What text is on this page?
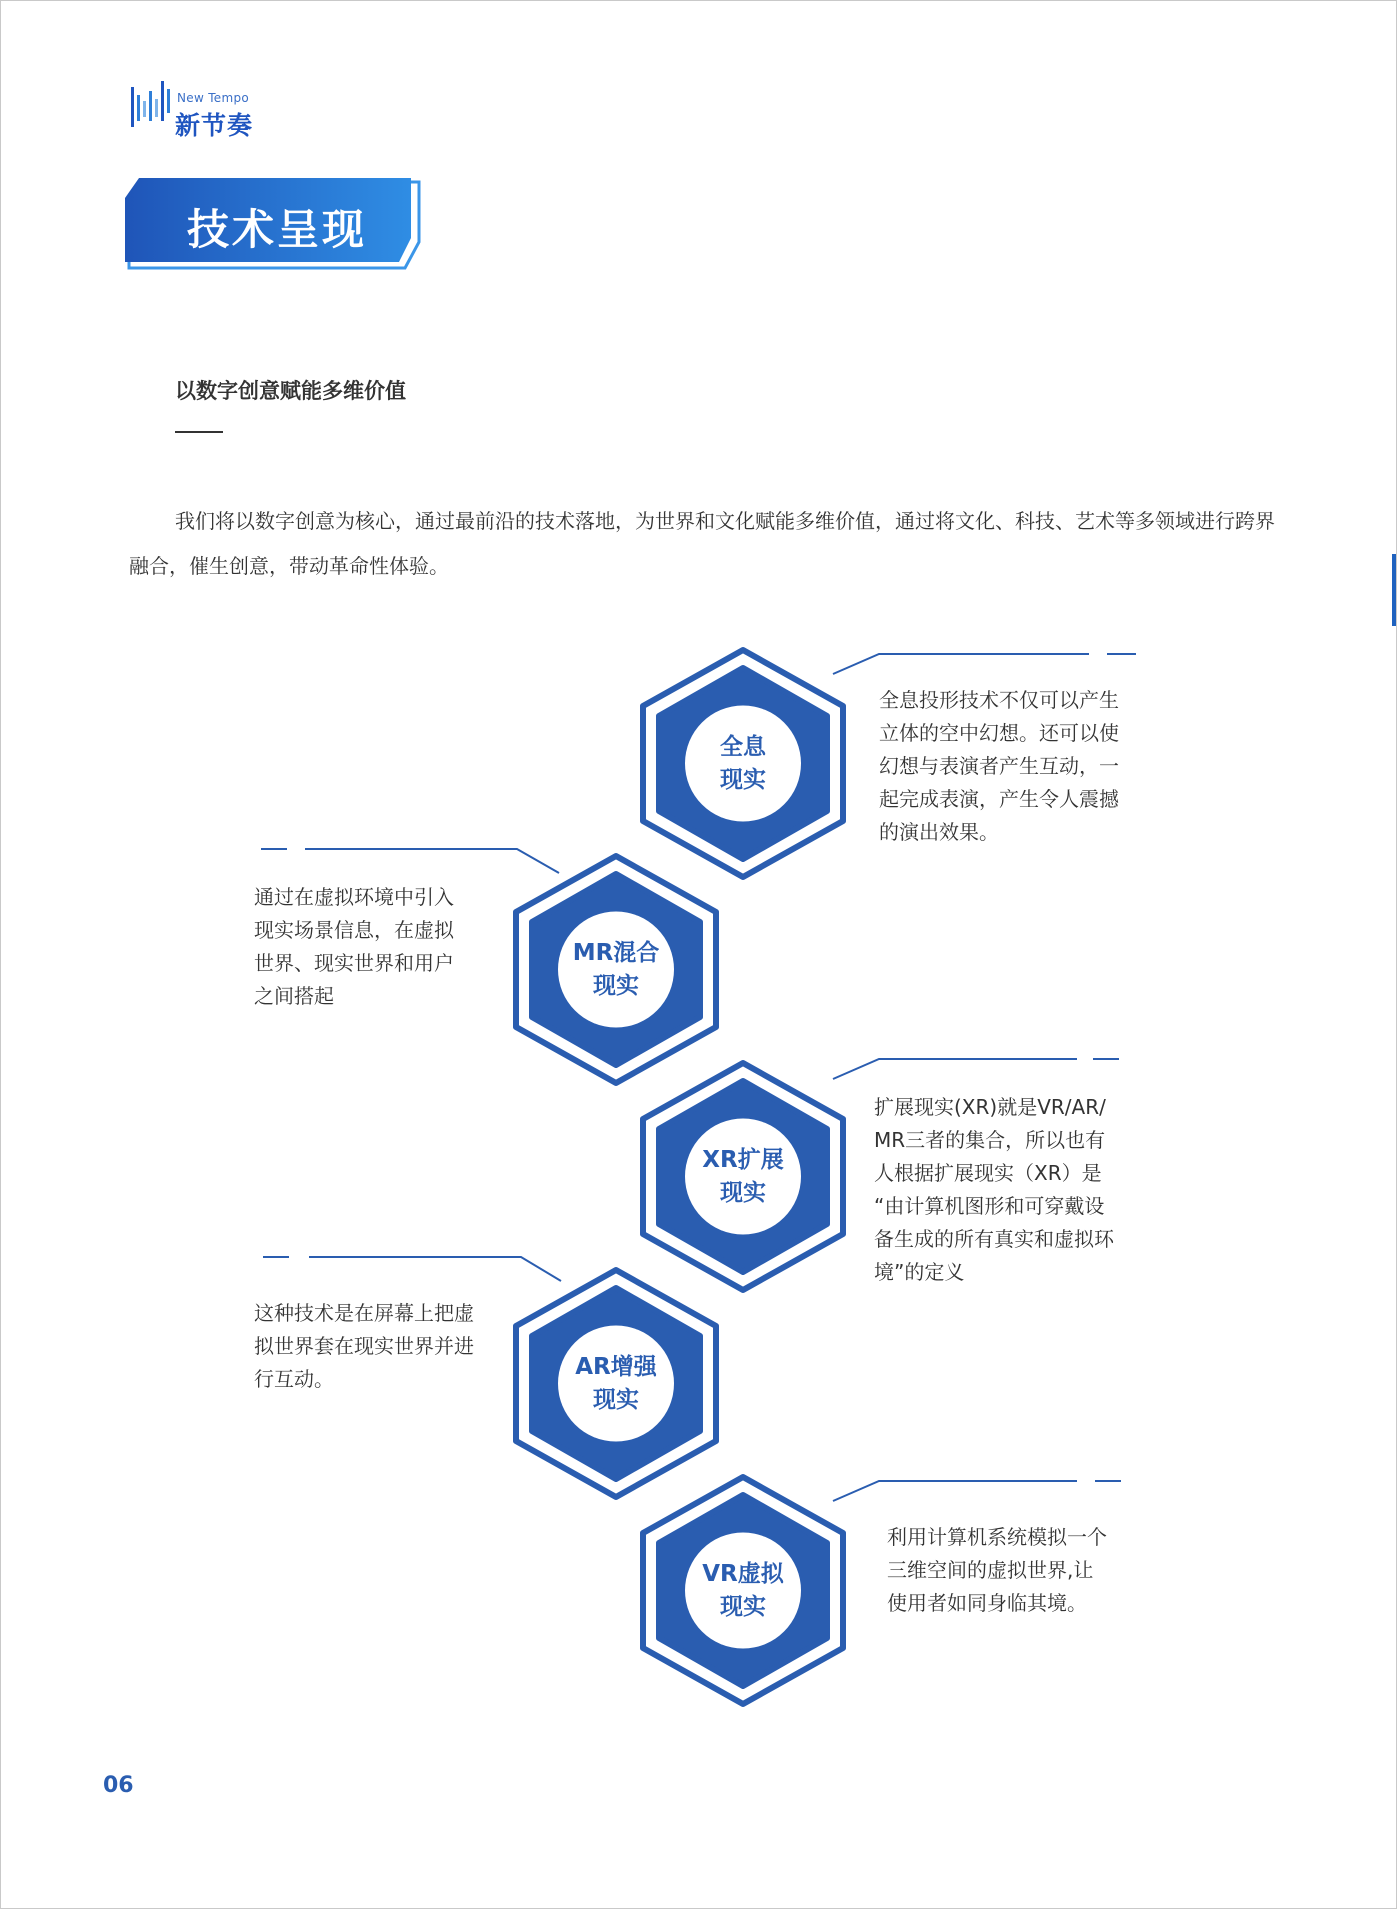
New Tempo
新节奏
技术呈现
以数字创意赋能多维价值
我们将以数字创意为核心，通过最前沿的技术落地，为世界和文化赋能多维价值，通过将文化、科技、艺术等多领域进行跨界融合，催生创意，带动革命性体验。
全息
现实
MR混合
现实
XR扩展
现实
AR增强
现实
VR虚拟
现实
全息投形技术不仅可以产生
立体的空中幻想。还可以使
幻想与表演者产生互动，一
起完成表演，产生令人震撼
的演出效果。
通过在虚拟环境中引入
现实场景信息，在虚拟
世界、现实世界和用户
之间搭起
扩展现实(XR)就是VR/AR/
MR三者的集合，所以也有
人根据扩展现实（XR）是
“由计算机图形和可穿戴设
备生成的所有真实和虚拟环
境”的定义
这种技术是在屏幕上把虚
拟世界套在现实世界并进
行互动。
利用计算机系统模拟一个
三维空间的虚拟世界,让
使用者如同身临其境。
06
